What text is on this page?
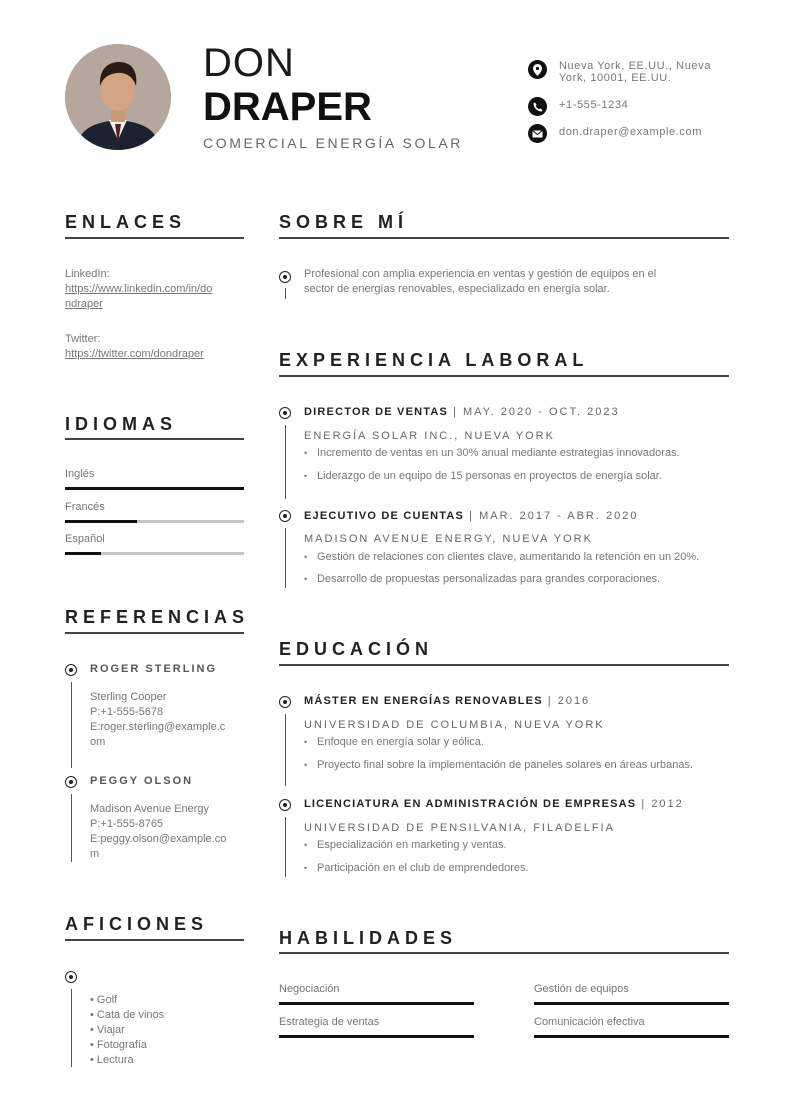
DON
DRAPER
COMERCIAL ENERGÍA SOLAR
Nueva York, EE.UU., Nueva
York, 10001, EE.UU.
+1-555-1234
don.draper@example.com
ENLACES
LinkedIn:
https://www.linkedin.com/in/do
ndraper
Twitter:
https://twitter.com/dondraper
IDIOMAS
Inglés
Francés
Español
REFERENCIAS
ROGER STERLING
Sterling Cooper
P:+1-555-5678
E:roger.sterling@example.c
om
PEGGY OLSON
Madison Avenue Energy
P:+1-555-8765
E:peggy.olson@example.co
m
AFICIONES
• Golf
• Cata de vinos
• Viajar
• Fotografía
• Lectura
SOBRE MÍ
Profesional con amplia experiencia en ventas y gestión de equipos en el
sector de energías renovables, especializado en energía solar.
EXPERIENCIA LABORAL
DIRECTOR DE VENTAS | MAY. 2020 - OCT. 2023
ENERGÍA SOLAR INC., NUEVA YORK
• Incremento de ventas en un 30% anual mediante estrategias innovadoras.
• Liderazgo de un equipo de 15 personas en proyectos de energía solar.
EJECUTIVO DE CUENTAS | MAR. 2017 - ABR. 2020
MADISON AVENUE ENERGY, NUEVA YORK
• Gestión de relaciones con clientes clave, aumentando la retención en un 20%.
• Desarrollo de propuestas personalizadas para grandes corporaciones.
EDUCACIÓN
MÁSTER EN ENERGÍAS RENOVABLES | 2016
UNIVERSIDAD DE COLUMBIA, NUEVA YORK
• Enfoque en energía solar y eólica.
• Proyecto final sobre la implementación de paneles solares en áreas urbanas.
LICENCIATURA EN ADMINISTRACIÓN DE EMPRESAS | 2012
UNIVERSIDAD DE PENSILVANIA, FILADELFIA
• Especialización en marketing y ventas.
• Participación en el club de emprendedores.
HABILIDADES
Negociación	Gestión de equipos
Estrategia de ventas	Comunicación efectiva
